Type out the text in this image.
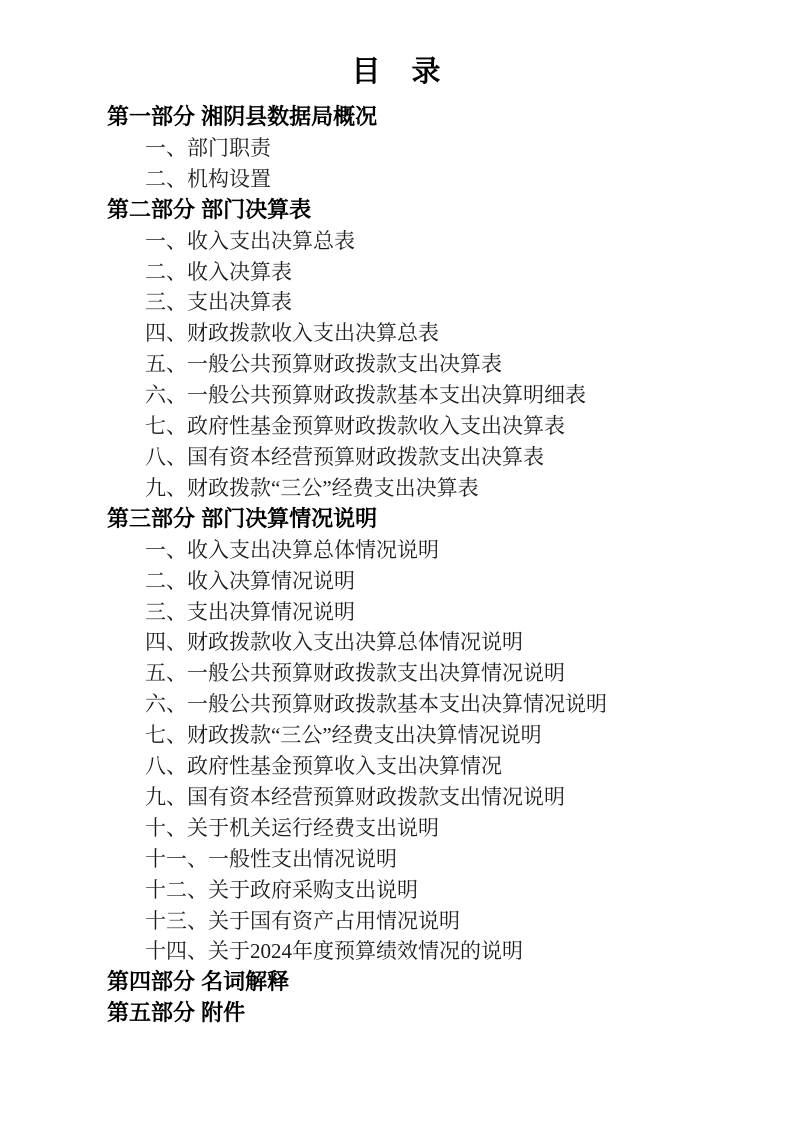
目　录
第一部分 湘阴县数据局概况
一、部门职责
二、机构设置
第二部分 部门决算表
一、收入支出决算总表
二、收入决算表
三、支出决算表
四、财政拨款收入支出决算总表
五、一般公共预算财政拨款支出决算表
六、一般公共预算财政拨款基本支出决算明细表
七、政府性基金预算财政拨款收入支出决算表
八、国有资本经营预算财政拨款支出决算表
九、财政拨款“三公”经费支出决算表
第三部分 部门决算情况说明
一、收入支出决算总体情况说明
二、收入决算情况说明
三、支出决算情况说明
四、财政拨款收入支出决算总体情况说明
五、一般公共预算财政拨款支出决算情况说明
六、一般公共预算财政拨款基本支出决算情况说明
七、财政拨款“三公”经费支出决算情况说明
八、政府性基金预算收入支出决算情况
九、国有资本经营预算财政拨款支出情况说明
十、关于机关运行经费支出说明
十一、一般性支出情况说明
十二、关于政府采购支出说明
十三、关于国有资产占用情况说明
十四、关于2024年度预算绩效情况的说明
第四部分 名词解释
第五部分 附件
